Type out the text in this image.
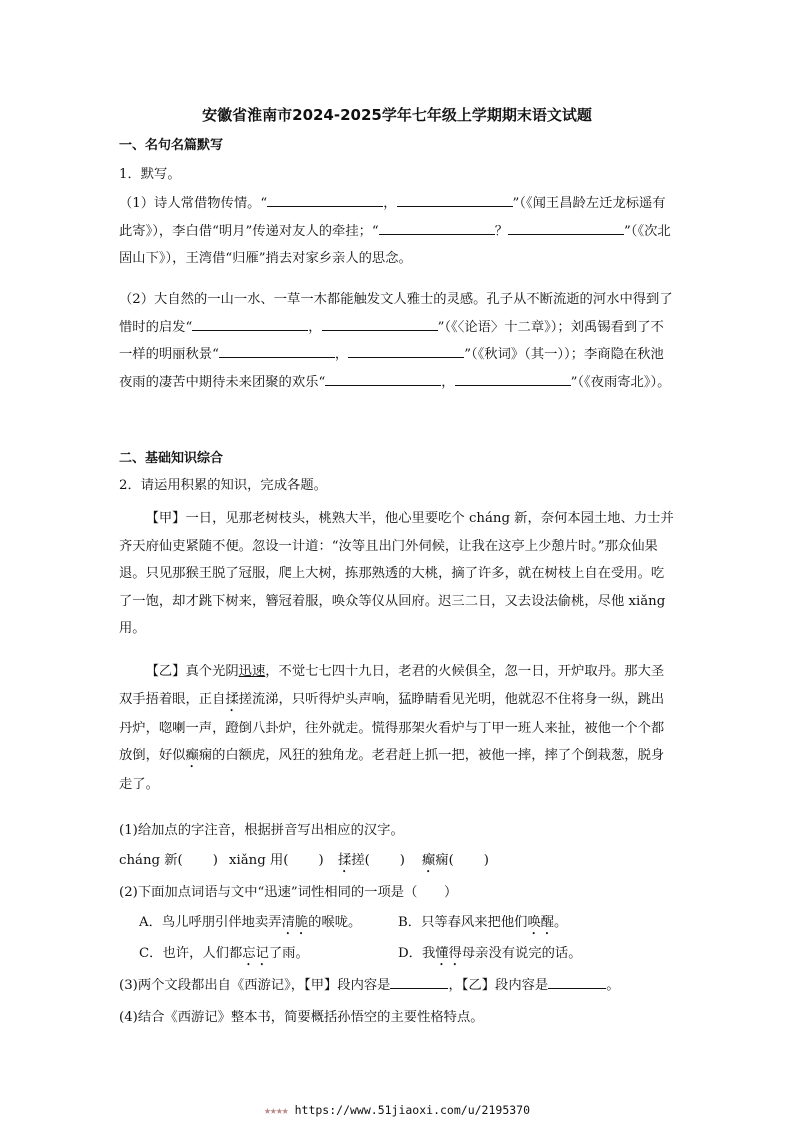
安徽省淮南市2024-2025学年七年级上学期期末语文试题
一、名句名篇默写
1．默写。
（1）诗人常借物传情。“	，	”（《闻王昌龄左迁龙标遥有此寄》），李白借“明月”传递对友人的牵挂；“	？	”（《次北固山下》），王湾借“归雁”捎去对家乡亲人的思念。
（2）大自然的一山一水、一草一木都能触发文人雅士的灵感。孔子从不断流逝的河水中得到了惜时的启发“	，	”（《〈论语〉十二章》）；刘禹锡看到了不一样的明丽秋景“	，	”（《秋词》（其一））；李商隐在秋池夜雨的凄苦中期待未来团聚的欢乐“	，	”（《夜雨寄北》）。
二、基础知识综合
2．请运用积累的知识，完成各题。
【甲】一日，见那老树枝头，桃熟大半，他心里要吃个 cháng 新，奈何本园土地、力士并齐天府仙吏紧随不便。忽设一计道：“汝等且出门外伺候，让我在这亭上少憩片时。”那众仙果退。只见那猴王脱了冠服，爬上大树，拣那熟透的大桃，摘了许多，就在树枝上自在受用。吃了一饱，却才跳下树来，簪冠着服，唤众等仪从回府。迟三二日，又去设法偷桃，尽他 xiǎng 用。
【乙】真个光阴迅速，不觉七七四十九日，老君的火候俱全，忽一日，开炉取丹。那大圣双手捂着眼，正自揉搓流涕，只听得炉头声响，猛睁睛看见光明，他就忍不住将身一纵，跳出丹炉，唿喇一声，蹬倒八卦炉，往外就走。慌得那架火看炉与丁甲一班人来扯，被他一个个都放倒，好似癫痫的白额虎，风狂的独角龙。老君赶上抓一把，被他一摔，摔了个倒栽葱，脱身走了。
(1)给加点的字注音，根据拼音写出相应的汉字。
cháng 新( ) xiǎng 用( ) 揉搓( ) 癫痫( )
(2)下面加点词语与文中“迅速”词性相同的一项是（　　）
A．鸟儿呼朋引伴地卖弄清脆的喉咙。	B．只等春风来把他们唤醒。
C．也许，人们都忘记了雨。	D．我懂得母亲没有说完的话。
(3)两个文段都出自《西游记》，【甲】段内容是	，【乙】段内容是	。
(4)结合《西游记》整本书，简要概括孙悟空的主要性格特点。
★★★★ https://www.51jiaoxi.com/u/2195370
